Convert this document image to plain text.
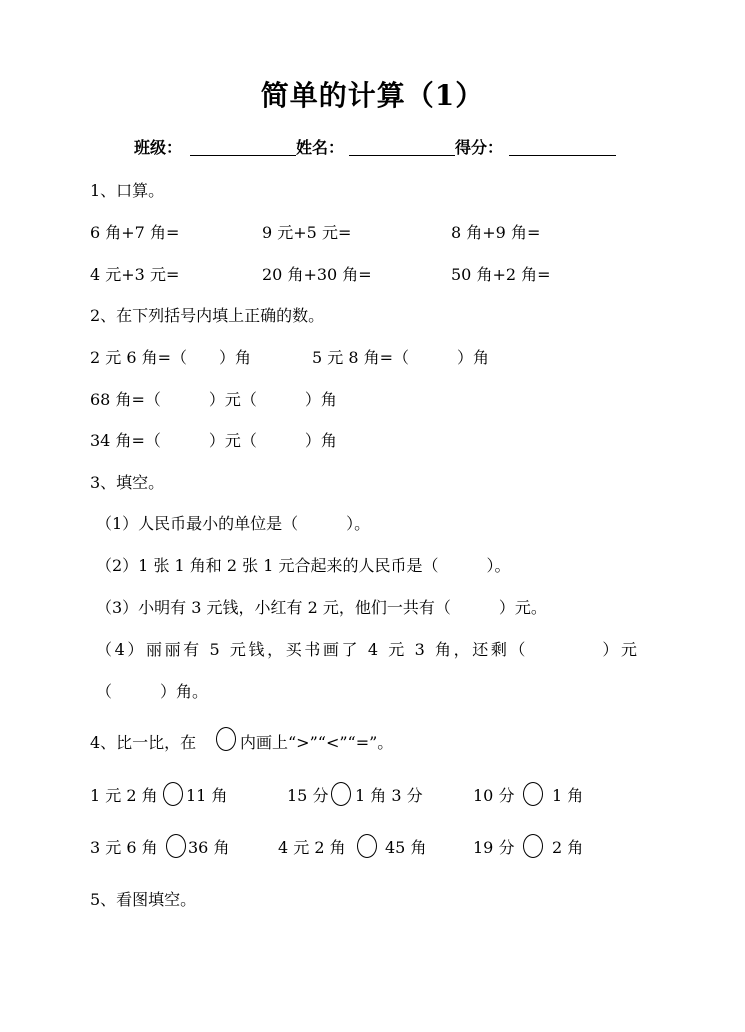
简单的计算（1）
班级：	姓名：	得分：
1、口算。
6 角+7 角=	9 元+5 元=	8 角+9 角=
4 元+3 元=	20 角+30 角=	50 角+2 角=
2、在下列括号内填上正确的数。
2 元 6 角=（　　）角	5 元 8 角=（　　　）角
68 角=（　　　）元（　　　）角
34 角=（　　　）元（　　　）角
3、填空。
（1）人民币最小的单位是（　　　）。
（2）1 张 1 角和 2 张 1 元合起来的人民币是（　　　）。
（3）小明有 3 元钱，小红有 2 元，他们一共有（　　　）元。
（4）丽丽有 5 元钱，买书画了 4 元 3 角，还剩（　　　　）元
（　　　）角。
4、比一比，在	内画上“>”“<”“=”。
1 元 2 角 11 角	15 分 1 角 3 分	10 分 1 角
3 元 6 角 36 角	4 元 2 角 45 角	19 分 2 角
5、看图填空。
